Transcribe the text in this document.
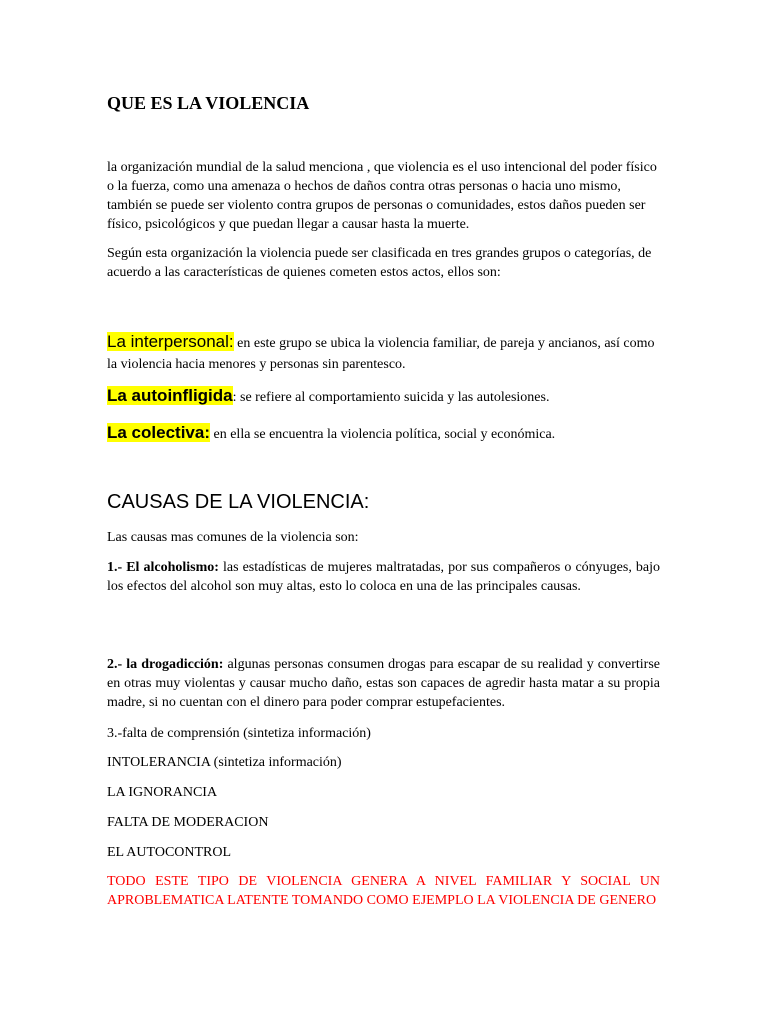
QUE ES LA VIOLENCIA

la organización mundial de la salud menciona , que violencia es el uso intencional del poder físico o la fuerza, como una amenaza o hechos de daños contra otras personas o hacia uno mismo, también se puede ser violento contra grupos de personas o comunidades, estos daños pueden ser físico, psicológicos y que puedan llegar a causar hasta la muerte.

Según esta organización la violencia puede ser clasificada en tres grandes grupos o categorías, de acuerdo a las características de quienes cometen estos actos, ellos son:

La interpersonal: en este grupo se ubica la violencia familiar, de pareja y ancianos, así como la violencia hacia menores y personas sin parentesco.

La autoinfligida: se refiere al comportamiento suicida y las autolesiones.

La colectiva: en ella se encuentra la violencia política, social y económica.

CAUSAS DE LA VIOLENCIA:

Las causas mas comunes de la violencia son:

1.- El alcoholismo: las estadísticas de mujeres maltratadas, por sus compañeros o cónyuges, bajo los efectos del alcohol son muy altas, esto lo coloca en una de las principales causas.

2.- la drogadicción: algunas personas consumen drogas para escapar de su realidad y convertirse en otras muy violentas y causar mucho daño, estas son capaces de agredir hasta matar a su propia madre, si no cuentan con el dinero para poder comprar estupefacientes.

3.-falta de comprensión (sintetiza información)

INTOLERANCIA (sintetiza información)

LA IGNORANCIA

FALTA DE MODERACION

EL AUTOCONTROL

TODO ESTE TIPO DE VIOLENCIA GENERA A NIVEL FAMILIAR Y SOCIAL UN APROBLEMATICA LATENTE TOMANDO COMO EJEMPLO LA VIOLENCIA DE GENERO
